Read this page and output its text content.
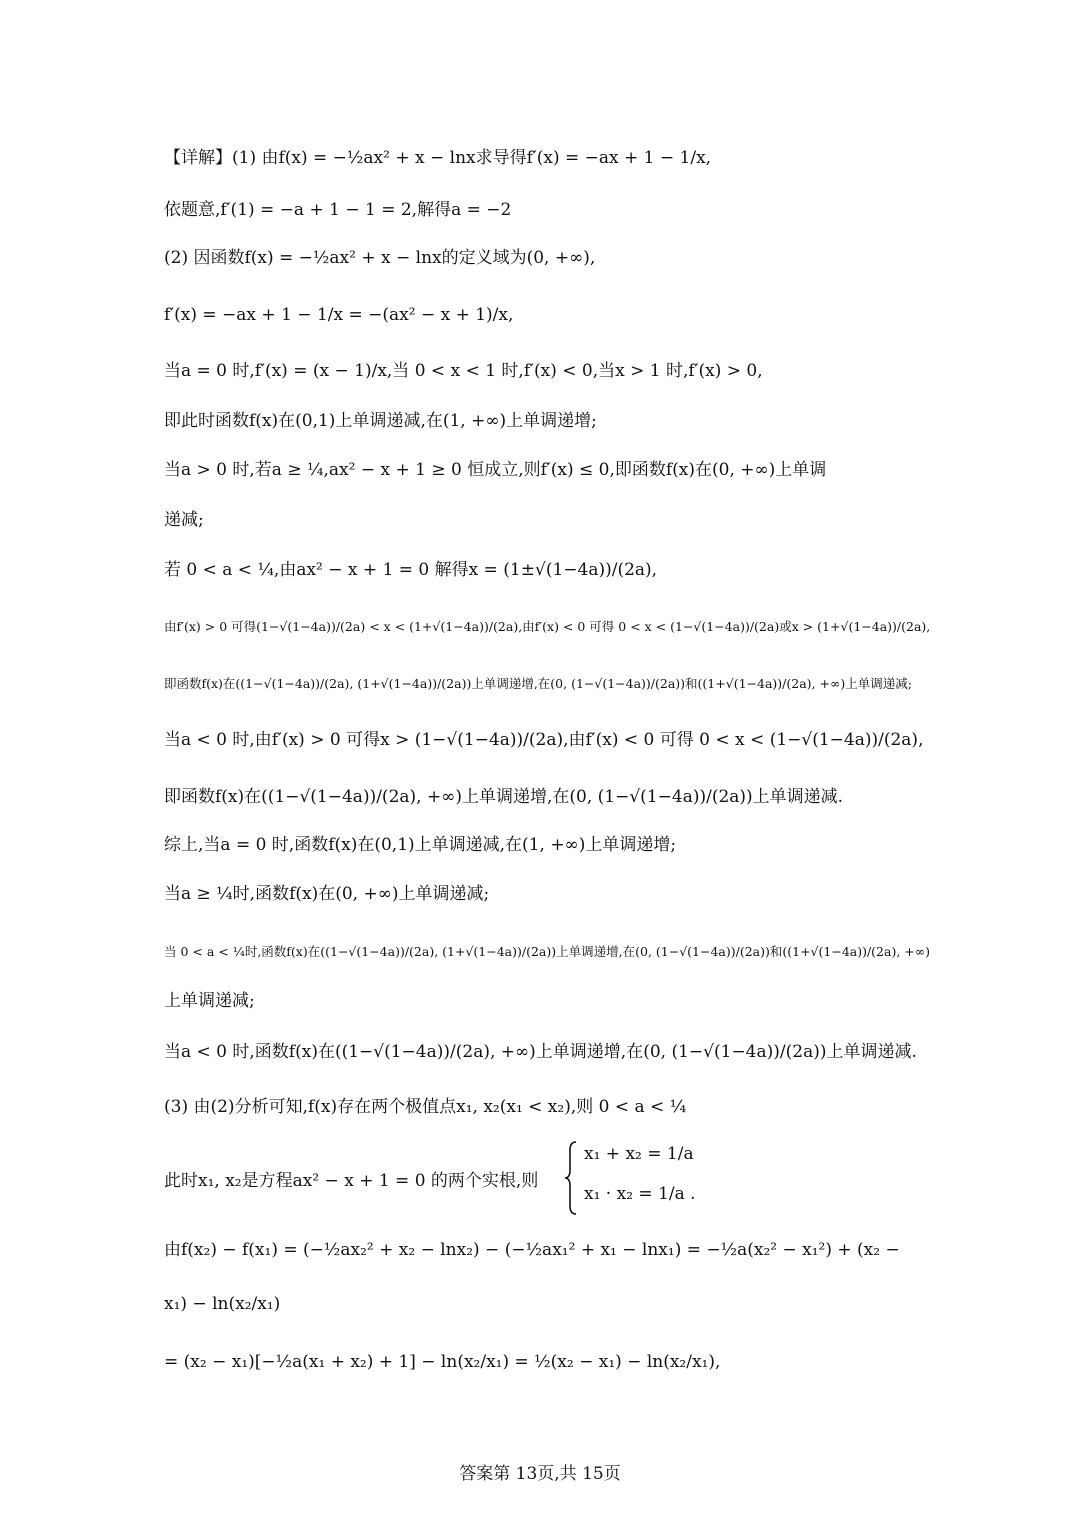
【详解】(1) 由f(x) = −½ax² + x − lnx求导得f′(x) = −ax + 1 − 1/x,
依题意,f′(1) = −a + 1 − 1 = 2,解得a = −2
(2) 因函数f(x) = −½ax² + x − lnx的定义域为(0, +∞),
f′(x) = −ax + 1 − 1/x = −(ax² − x + 1)/x,
当a = 0 时,f′(x) = (x − 1)/x,当 0 < x < 1 时,f′(x) < 0,当x > 1 时,f′(x) > 0,
即此时函数f(x)在(0,1)上单调递减,在(1, +∞)上单调递增;
当a > 0 时,若a ≥ ¼,ax² − x + 1 ≥ 0 恒成立,则f′(x) ≤ 0,即函数f(x)在(0, +∞)上单调
递减;
若 0 < a < ¼,由ax² − x + 1 = 0 解得x = (1±√(1−4a))/(2a),
由f′(x) > 0 可得(1−√(1−4a))/(2a) < x < (1+√(1−4a))/(2a),由f′(x) < 0 可得 0 < x < (1−√(1−4a))/(2a)或x > (1+√(1−4a))/(2a),
即函数f(x)在((1−√(1−4a))/(2a), (1+√(1−4a))/(2a))上单调递增,在(0, (1−√(1−4a))/(2a))和((1+√(1−4a))/(2a), +∞)上单调递减;
当a < 0 时,由f′(x) > 0 可得x > (1−√(1−4a))/(2a),由f′(x) < 0 可得 0 < x < (1−√(1−4a))/(2a),
即函数f(x)在((1−√(1−4a))/(2a), +∞)上单调递增,在(0, (1−√(1−4a))/(2a))上单调递减.
综上,当a = 0 时,函数f(x)在(0,1)上单调递减,在(1, +∞)上单调递增;
当a ≥ ¼时,函数f(x)在(0, +∞)上单调递减;
当 0 < a < ¼时,函数f(x)在((1−√(1−4a))/(2a), (1+√(1−4a))/(2a))上单调递增,在(0, (1−√(1−4a))/(2a))和((1+√(1−4a))/(2a), +∞)
上单调递减;
当a < 0 时,函数f(x)在((1−√(1−4a))/(2a), +∞)上单调递增,在(0, (1−√(1−4a))/(2a))上单调递减.
(3) 由(2)分析可知,f(x)存在两个极值点x₁, x₂(x₁ < x₂),则 0 < a < ¼
此时x₁, x₂是方程ax² − x + 1 = 0 的两个实根,则
x₁ + x₂ = 1/a
x₁ · x₂ = 1/a .
由f(x₂) − f(x₁) = (−½ax₂² + x₂ − lnx₂) − (−½ax₁² + x₁ − lnx₁) = −½a(x₂² − x₁²) + (x₂ −
x₁) − ln(x₂/x₁)
= (x₂ − x₁)[−½a(x₁ + x₂) + 1] − ln(x₂/x₁) = ½(x₂ − x₁) − ln(x₂/x₁),
答案第 13页,共 15页
